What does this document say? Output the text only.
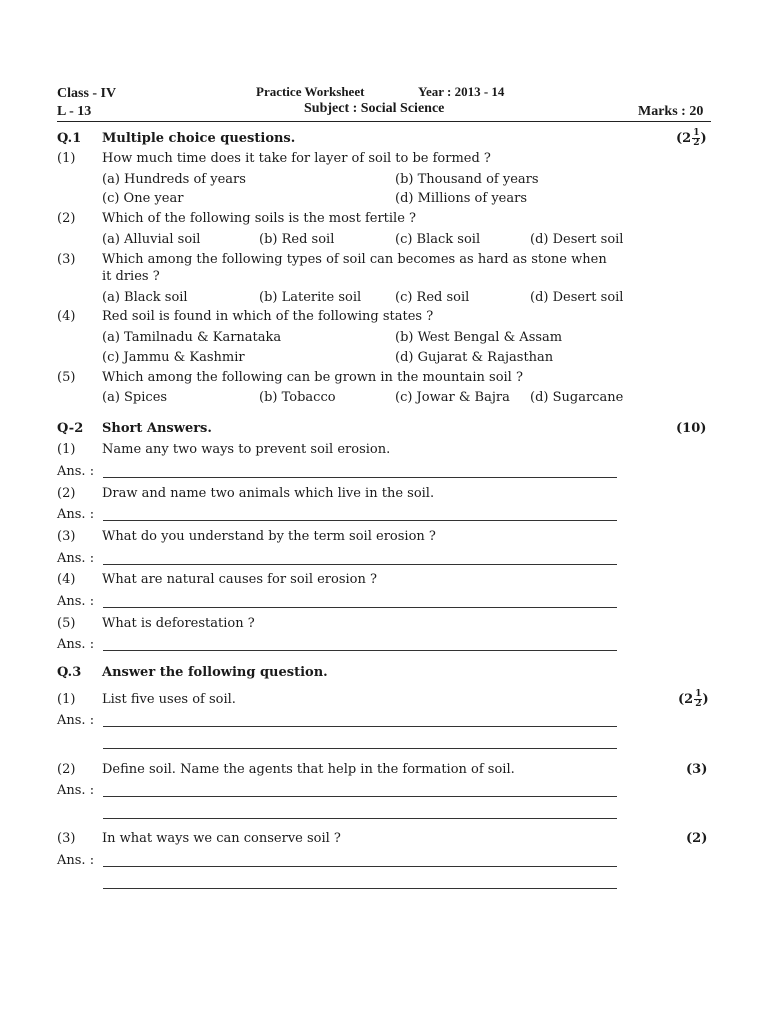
Class - IV
L - 13
Practice Worksheet	Year : 2013 - 14
Subject : Social Science	Marks : 20
Q.1 Multiple choice questions.	($2 \frac{1}{2}$ )
(1) How much time does it take for layer of soil to be formed ?
(a) Hundreds of years	(b) Thousand of years
(c) One year	(d) Millions of years
(2) Which of the following soils is the most fertile ?
(a) Alluvial soil	(b) Red soil	(c) Black soil	(d) Desert soil
(3) Which among the following types of soil can becomes as hard as stone when
it dries ?
(a) Black soil	(b) Laterite soil	(c) Red soil	(d) Desert soil
(4) Red soil is found in which of the following states ?
(a) Tamilnadu & Karnataka	(b) West Bengal & Assam
(c) Jammu & Kashmir	(d) Gujarat & Rajasthan
(5) Which among the following can be grown in the mountain soil ?
(a) Spices	(b) Tobacco	(c) Jowar & Bajra (d) Sugarcane
Q-2 Short Answers.	(10)
(1) Name any two ways to prevent soil erosion.
Ans. :
(2) Draw and name two animals which live in the soil.
Ans. :
(3) What do you understand by the term soil erosion ?
Ans. :
(4) What are natural causes for soil erosion ?
Ans. :
(5) What is deforestation ?
Ans. :
Q.3 Answer the following question.
(1) List five uses of soil.	($2 \frac{1}{2}$ )
Ans. :
(2) Define soil. Name the agents that help in the formation of soil.	(3)
Ans. :
(3) In what ways we can conserve soil ?	(2)
Ans. :
